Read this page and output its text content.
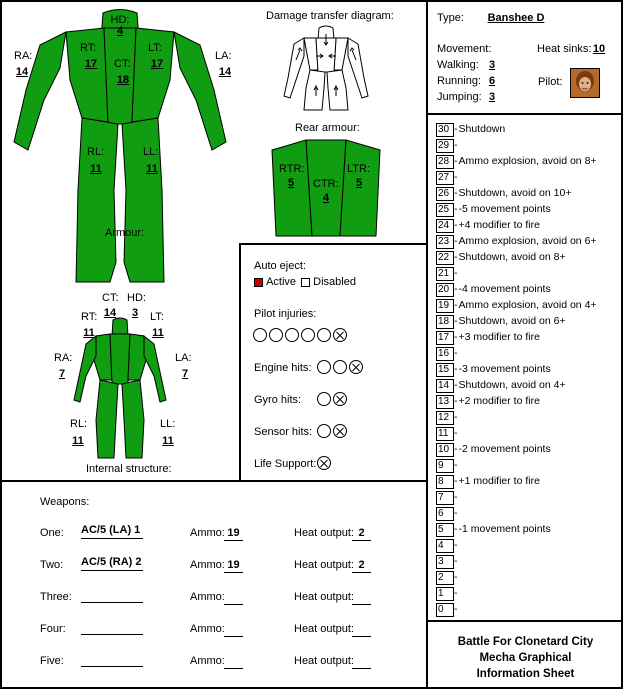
HD:
4
RA:
14
LA:
14
RT:
17	CT:
18
LT:
17
RL:
11
LL:
11
Armour:
Damage transfer diagram:
Rear armour:
RTR:
5	CTR:
4
LTR:
5
CT:
14
HD:
3
RT:
11
LT:
11
RA:
7
LA:
7
RL:
11
LL:
11
Internal structure:
Auto eject:
Active Disabled
Pilot injuries:
Engine hits:
Gyro hits:
Sensor hits:
Life Support:
Type:	Banshee D
Movement:	Heat sinks: 10
Walking: 3
Running: 6
Jumping: 3
Pilot:
30 -Shutdown
29 -
28 -Ammo explosion, avoid on 8+
27 -
26 -Shutdown, avoid on 10+
25 --5 movement points
24 -+4 modifier to fire
23 -Ammo explosion, avoid on 6+
22 -Shutdown, avoid on 8+
21 -
20 --4 movement points
19 -Ammo explosion, avoid on 4+
18 -Shutdown, avoid on 6+
17 -+3 modifier to fire
16 -
15 --3 movement points
14 -Shutdown, avoid on 4+
13 -+2 modifier to fire
12 -
11 -
10 --2 movement points
9 -
8 -+1 modifier to fire
7 -
6 -
5 --1 movement points
4 -
3 -
2 -
1 -
0 -
Weapons:
One: AC/5 (LA) 1	Ammo: 19	Heat output: 2
Two: AC/5 (RA) 2	Ammo: 19	Heat output: 2
Three:	Ammo:	Heat output:
Four:	Ammo:	Heat output:
Five:	Ammo:	Heat output:
Battle For Clonetard City
Mecha Graphical
Information Sheet
